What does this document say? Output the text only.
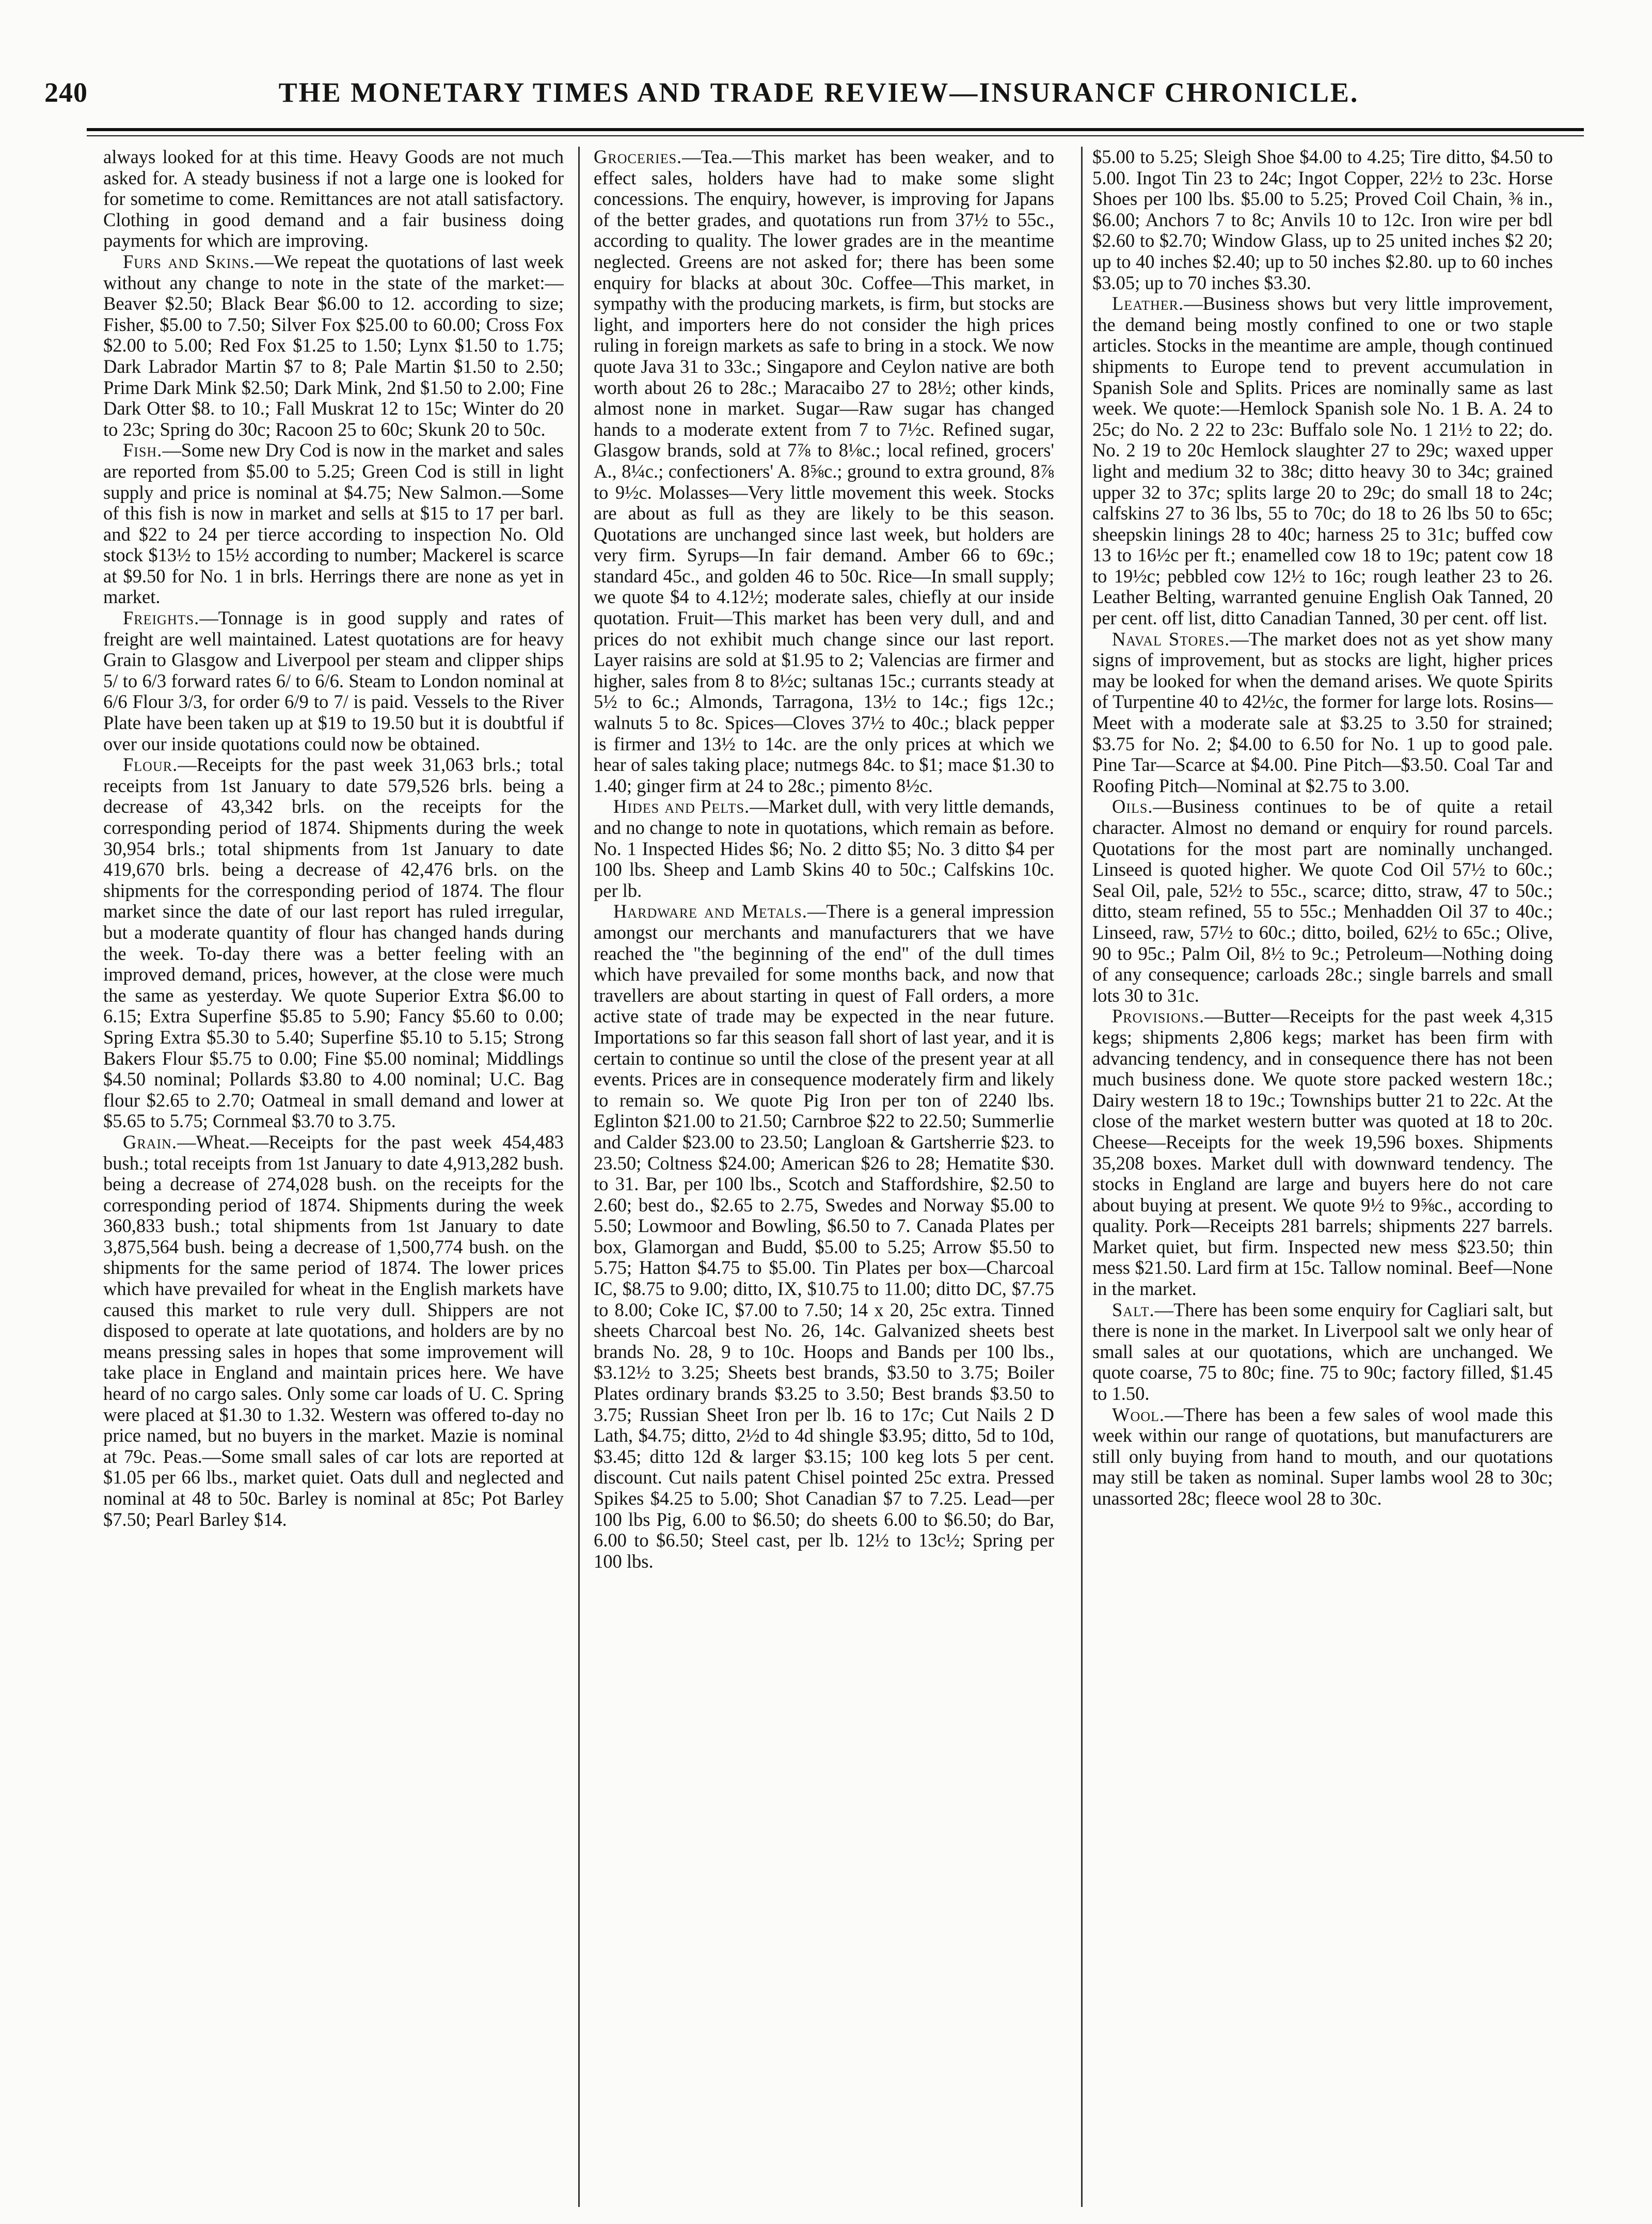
240	THE MONETARY TIMES AND TRADE REVIEW—INSURANCF CHRONICLE.

always looked for at this time. Heavy Goods are not much asked for. A steady business if not a large one is looked for for sometime to come. Remittances are not atall satisfactory. Clothing in good demand and a fair business doing payments for which are improving.

Furs and Skins.—We repeat the quotations of last week without any change to note in the state of the market:—Beaver $2.50; Black Bear $6.00 to 12. according to size; Fisher, $5.00 to 7.50; Silver Fox $25.00 to 60.00; Cross Fox $2.00 to 5.00; Red Fox $1.25 to 1.50; Lynx $1.50 to 1.75; Dark Labrador Martin $7 to 8; Pale Martin $1.50 to 2.50; Prime Dark Mink $2.50; Dark Mink, 2nd $1.50 to 2.00; Fine Dark Otter $8. to 10.; Fall Muskrat 12 to 15c; Winter do 20 to 23c; Spring do 30c; Racoon 25 to 60c; Skunk 20 to 50c.

Fish.—Some new Dry Cod is now in the market and sales are reported from $5.00 to 5.25; Green Cod is still in light supply and price is nominal at $4.75; New Salmon.—Some of this fish is now in market and sells at $15 to 17 per barl. and $22 to 24 per tierce according to inspection No. Old stock $13½ to 15½ according to number; Mackerel is scarce at $9.50 for No. 1 in brls. Herrings there are none as yet in market.

Freights.—Tonnage is in good supply and rates of freight are well maintained. Latest quotations are for heavy Grain to Glasgow and Liverpool per steam and clipper ships 5/ to 6/3 forward rates 6/ to 6/6. Steam to London nominal at 6/6 Flour 3/3, for order 6/9 to 7/ is paid. Vessels to the River Plate have been taken up at $19 to 19.50 but it is doubtful if over our inside quotations could now be obtained.

Flour.—Receipts for the past week 31,063 brls.; total receipts from 1st January to date 579,526 brls. being a decrease of 43,342 brls. on the receipts for the corresponding period of 1874. Shipments during the week 30,954 brls.; total shipments from 1st January to date 419,670 brls. being a decrease of 42,476 brls. on the shipments for the corresponding period of 1874. The flour market since the date of our last report has ruled irregular, but a moderate quantity of flour has changed hands during the week. To-day there was a better feeling with an improved demand, prices, however, at the close were much the same as yesterday. We quote Superior Extra $6.00 to 6.15; Extra Superfine $5.85 to 5.90; Fancy $5.60 to 0.00; Spring Extra $5.30 to 5.40; Superfine $5.10 to 5.15; Strong Bakers Flour $5.75 to 0.00; Fine $5.00 nominal; Middlings $4.50 nominal; Pollards $3.80 to 4.00 nominal; U.C. Bag flour $2.65 to 2.70; Oatmeal in small demand and lower at $5.65 to 5.75; Cornmeal $3.70 to 3.75.

Grain.—Wheat.—Receipts for the past week 454,483 bush.; total receipts from 1st January to date 4,913,282 bush. being a decrease of 274,028 bush. on the receipts for the corresponding period of 1874. Shipments during the week 360,833 bush.; total shipments from 1st January to date 3,875,564 bush. being a decrease of 1,500,774 bush. on the shipments for the same period of 1874. The lower prices which have prevailed for wheat in the English markets have caused this market to rule very dull. Shippers are not disposed to operate at late quotations, and holders are by no means pressing sales in hopes that some improvement will take place in England and maintain prices here. We have heard of no cargo sales. Only some car loads of U. C. Spring were placed at $1.30 to 1.32. Western was offered to-day no price named, but no buyers in the market. Mazie is nominal at 79c. Peas.—Some small sales of car lots are reported at $1.05 per 66 lbs., market quiet. Oats dull and neglected and nominal at 48 to 50c. Barley is nominal at 85c; Pot Barley $7.50; Pearl Barley $14.

Groceries.—Tea.—This market has been weaker, and to effect sales, holders have had to make some slight concessions. The enquiry, however, is improving for Japans of the better grades, and quotations run from 37½ to 55c., according to quality. The lower grades are in the meantime neglected. Greens are not asked for; there has been some enquiry for blacks at about 30c. Coffee—This market, in sympathy with the producing markets, is firm, but stocks are light, and importers here do not consider the high prices ruling in foreign markets as safe to bring in a stock. We now quote Java 31 to 33c.; Singapore and Ceylon native are both worth about 26 to 28c.; Maracaibo 27 to 28½; other kinds, almost none in market. Sugar—Raw sugar has changed hands to a moderate extent from 7 to 7½c. Refined sugar, Glasgow brands, sold at 7⅞ to 8⅛c.; local refined, grocers' A., 8¼c.; confectioners' A. 8⅝c.; ground to extra ground, 8⅞ to 9½c. Molasses—Very little movement this week. Stocks are about as full as they are likely to be this season. Quotations are unchanged since last week, but holders are very firm. Syrups—In fair demand. Amber 66 to 69c.; standard 45c., and golden 46 to 50c. Rice—In small supply; we quote $4 to 4.12½; moderate sales, chiefly at our inside quotation. Fruit—This market has been very dull, and and prices do not exhibit much change since our last report. Layer raisins are sold at $1.95 to 2; Valencias are firmer and higher, sales from 8 to 8½c; sultanas 15c.; currants steady at 5½ to 6c.; Almonds, Tarragona, 13½ to 14c.; figs 12c.; walnuts 5 to 8c. Spices—Cloves 37½ to 40c.; black pepper is firmer and 13½ to 14c. are the only prices at which we hear of sales taking place; nutmegs 84c. to $1; mace $1.30 to 1.40; ginger firm at 24 to 28c.; pimento 8½c.

Hides and Pelts.—Market dull, with very little demands, and no change to note in quotations, which remain as before. No. 1 Inspected Hides $6; No. 2 ditto $5; No. 3 ditto $4 per 100 lbs. Sheep and Lamb Skins 40 to 50c.; Calfskins 10c. per lb.

Hardware and Metals.—There is a general impression amongst our merchants and manufacturers that we have reached the "the beginning of the end" of the dull times which have prevailed for some months back, and now that travellers are about starting in quest of Fall orders, a more active state of trade may be expected in the near future. Importations so far this season fall short of last year, and it is certain to continue so until the close of the present year at all events. Prices are in consequence moderately firm and likely to remain so. We quote Pig Iron per ton of 2240 lbs. Eglinton $21.00 to 21.50; Carnbroe $22 to 22.50; Summerlie and Calder $23.00 to 23.50; Langloan & Gartsherrie $23. to 23.50; Coltness $24.00; American $26 to 28; Hematite $30. to 31. Bar, per 100 lbs., Scotch and Staffordshire, $2.50 to 2.60; best do., $2.65 to 2.75, Swedes and Norway $5.00 to 5.50; Lowmoor and Bowling, $6.50 to 7. Canada Plates per box, Glamorgan and Budd, $5.00 to 5.25; Arrow $5.50 to 5.75; Hatton $4.75 to $5.00. Tin Plates per box—Charcoal IC, $8.75 to 9.00; ditto, IX, $10.75 to 11.00; ditto DC, $7.75 to 8.00; Coke IC, $7.00 to 7.50; 14 x 20, 25c extra. Tinned sheets Charcoal best No. 26, 14c. Galvanized sheets best brands No. 28, 9 to 10c. Hoops and Bands per 100 lbs., $3.12½ to 3.25; Sheets best brands, $3.50 to 3.75; Boiler Plates ordinary brands $3.25 to 3.50; Best brands $3.50 to 3.75; Russian Sheet Iron per lb. 16 to 17c; Cut Nails 2 D Lath, $4.75; ditto, 2½d to 4d shingle $3.95; ditto, 5d to 10d, $3.45; ditto 12d & larger $3.15; 100 keg lots 5 per cent. discount. Cut nails patent Chisel pointed 25c extra. Pressed Spikes $4.25 to 5.00; Shot Canadian $7 to 7.25. Lead—per 100 lbs Pig, 6.00 to $6.50; do sheets 6.00 to $6.50; do Bar, 6.00 to $6.50; Steel cast, per lb. 12½ to 13c½; Spring per 100 lbs.

$5.00 to 5.25; Sleigh Shoe $4.00 to 4.25; Tire ditto, $4.50 to 5.00. Ingot Tin 23 to 24c; Ingot Copper, 22½ to 23c. Horse Shoes per 100 lbs. $5.00 to 5.25; Proved Coil Chain, ⅜ in., $6.00; Anchors 7 to 8c; Anvils 10 to 12c. Iron wire per bdl $2.60 to $2.70; Window Glass, up to 25 united inches $2 20; up to 40 inches $2.40; up to 50 inches $2.80. up to 60 inches $3.05; up to 70 inches $3.30.

Leather.—Business shows but very little improvement, the demand being mostly confined to one or two staple articles. Stocks in the meantime are ample, though continued shipments to Europe tend to prevent accumulation in Spanish Sole and Splits. Prices are nominally same as last week. We quote:—Hemlock Spanish sole No. 1 B. A. 24 to 25c; do No. 2 22 to 23c: Buffalo sole No. 1 21½ to 22; do. No. 2 19 to 20c Hemlock slaughter 27 to 29c; waxed upper light and medium 32 to 38c; ditto heavy 30 to 34c; grained upper 32 to 37c; splits large 20 to 29c; do small 18 to 24c; calfskins 27 to 36 lbs, 55 to 70c; do 18 to 26 lbs 50 to 65c; sheepskin linings 28 to 40c; harness 25 to 31c; buffed cow 13 to 16½c per ft.; enamelled cow 18 to 19c; patent cow 18 to 19½c; pebbled cow 12½ to 16c; rough leather 23 to 26. Leather Belting, warranted genuine English Oak Tanned, 20 per cent. off list, ditto Canadian Tanned, 30 per cent. off list.

Naval Stores.—The market does not as yet show many signs of improvement, but as stocks are light, higher prices may be looked for when the demand arises. We quote Spirits of Turpentine 40 to 42½c, the former for large lots. Rosins—Meet with a moderate sale at $3.25 to 3.50 for strained; $3.75 for No. 2; $4.00 to 6.50 for No. 1 up to good pale. Pine Tar—Scarce at $4.00. Pine Pitch—$3.50. Coal Tar and Roofing Pitch—Nominal at $2.75 to 3.00.

Oils.—Business continues to be of quite a retail character. Almost no demand or enquiry for round parcels. Quotations for the most part are nominally unchanged. Linseed is quoted higher. We quote Cod Oil 57½ to 60c.; Seal Oil, pale, 52½ to 55c., scarce; ditto, straw, 47 to 50c.; ditto, steam refined, 55 to 55c.; Menhadden Oil 37 to 40c.; Linseed, raw, 57½ to 60c.; ditto, boiled, 62½ to 65c.; Olive, 90 to 95c.; Palm Oil, 8½ to 9c.; Petroleum—Nothing doing of any consequence; carloads 28c.; single barrels and small lots 30 to 31c.

Provisions.—Butter—Receipts for the past week 4,315 kegs; shipments 2,806 kegs; market has been firm with advancing tendency, and in consequence there has not been much business done. We quote store packed western 18c.; Dairy western 18 to 19c.; Townships butter 21 to 22c. At the close of the market western butter was quoted at 18 to 20c. Cheese—Receipts for the week 19,596 boxes. Shipments 35,208 boxes. Market dull with downward tendency. The stocks in England are large and buyers here do not care about buying at present. We quote 9½ to 9⅝c., according to quality. Pork—Receipts 281 barrels; shipments 227 barrels. Market quiet, but firm. Inspected new mess $23.50; thin mess $21.50. Lard firm at 15c. Tallow nominal. Beef—None in the market.

Salt.—There has been some enquiry for Cagliari salt, but there is none in the market. In Liverpool salt we only hear of small sales at our quotations, which are unchanged. We quote coarse, 75 to 80c; fine. 75 to 90c; factory filled, $1.45 to 1.50.

Wool.—There has been a few sales of wool made this week within our range of quotations, but manufacturers are still only buying from hand to mouth, and our quotations may still be taken as nominal. Super lambs wool 28 to 30c; unassorted 28c; fleece wool 28 to 30c.
